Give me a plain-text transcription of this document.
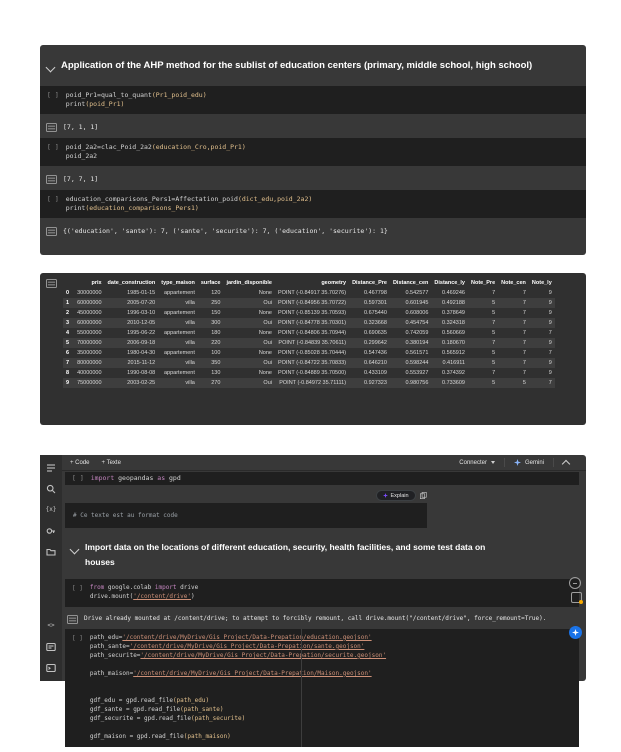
Application of the AHP method for the sublist of education centers (primary, middle school, high school)
[ ] poid_Pr1=qual_to_quant(Pr1_poid_edu)
print(poid_Pr1)
[7, 1, 1]
[ ] poid_2a2=clac_Poid_2a2(education_Cro,poid_Pr1)
poid_2a2
[7, 7, 1]
[ ] education_comparisons_Pers1=Affectation_poid(dict_edu,poid_2a2)
print(education_comparisons_Pers1)
{('education', 'sante'): 7, ('sante', 'securite'): 7, ('education', 'securite'): 1}
	prix	date_construction	type_maison	surface	jardin_disponible	geometry	Distance_Pre	Distance_cen	Distance_ly	Note_Pre	Note_cen	Note_ly
0	30000000	1985-01-15	appartement	120	None	POINT (-0.84917 35.70276)	0.467798	0.542577	0.469246	7	7	9
1	60000000	2005-07-20	villa	250	Oui	POINT (-0.84956 35.70722)	0.597301	0.601945	0.492188	5	7	9
2	45000000	1996-03-10	appartement	150	None	POINT (-0.85139 35.70593)	0.675440	0.608006	0.378649	5	7	9
3	60000000	2010-12-05	villa	300	Oui	POINT (-0.84778 35.70301)	0.323668	0.454754	0.324318	7	7	9
4	55000000	1995-06-22	appartement	180	None	POINT (-0.84806 35.70944)	0.690635	0.742059	0.560669	5	7	7
5	70000000	2006-09-18	villa	220	Oui	POINT (-0.84839 35.70611)	0.299642	0.380194	0.180670	7	7	9
6	35000000	1980-04-30	appartement	100	None	POINT (-0.85028 35.70444)	0.547436	0.561571	0.565912	5	7	7
7	80000000	2015-11-12	villa	350	Oui	POINT (-0.84722 35.70833)	0.646210	0.598244	0.416911	5	7	9
8	40000000	1990-08-08	appartement	130	None	POINT (-0.84889 35.70500)	0.433109	0.553927	0.374392	7	7	9
9	75000000	2003-02-25	villa	270	Oui	POINT (-0.84972 35.71111)	0.927323	0.980756	0.733609	5	5	7
{x}
<>
+ Code + Texte	Connecter	Gemini
[ ] import geopandas as gpd
Explain
# Ce texte est au format code
Import data on the locations of different education, security, health facilities, and some test data on houses
[ ] from google.colab import drive
drive.mount('/content/drive')
Drive already mounted at /content/drive; to attempt to forcibly remount, call drive.mount("/content/drive", force_remount=True).
[ ] path_edu='/content/drive/MyDrive/Gis Project/Data-Prepation/education.geojson'
path_sante='/content/drive/MyDrive/Gis Project/Data-Prepation/sante.geojson'
path_securite='/content/drive/MyDrive/Gis Project/Data-Prepation/securite.geojson'

path_maison='/content/drive/MyDrive/Gis Project/Data-Prepation/Maison.geojson'

gdf_edu = gpd.read_file(path_edu)
gdf_sante = gpd.read_file(path_sante)
gdf_securite = gpd.read_file(path_securite)

gdf_maison = gpd.read_file(path_maison)
